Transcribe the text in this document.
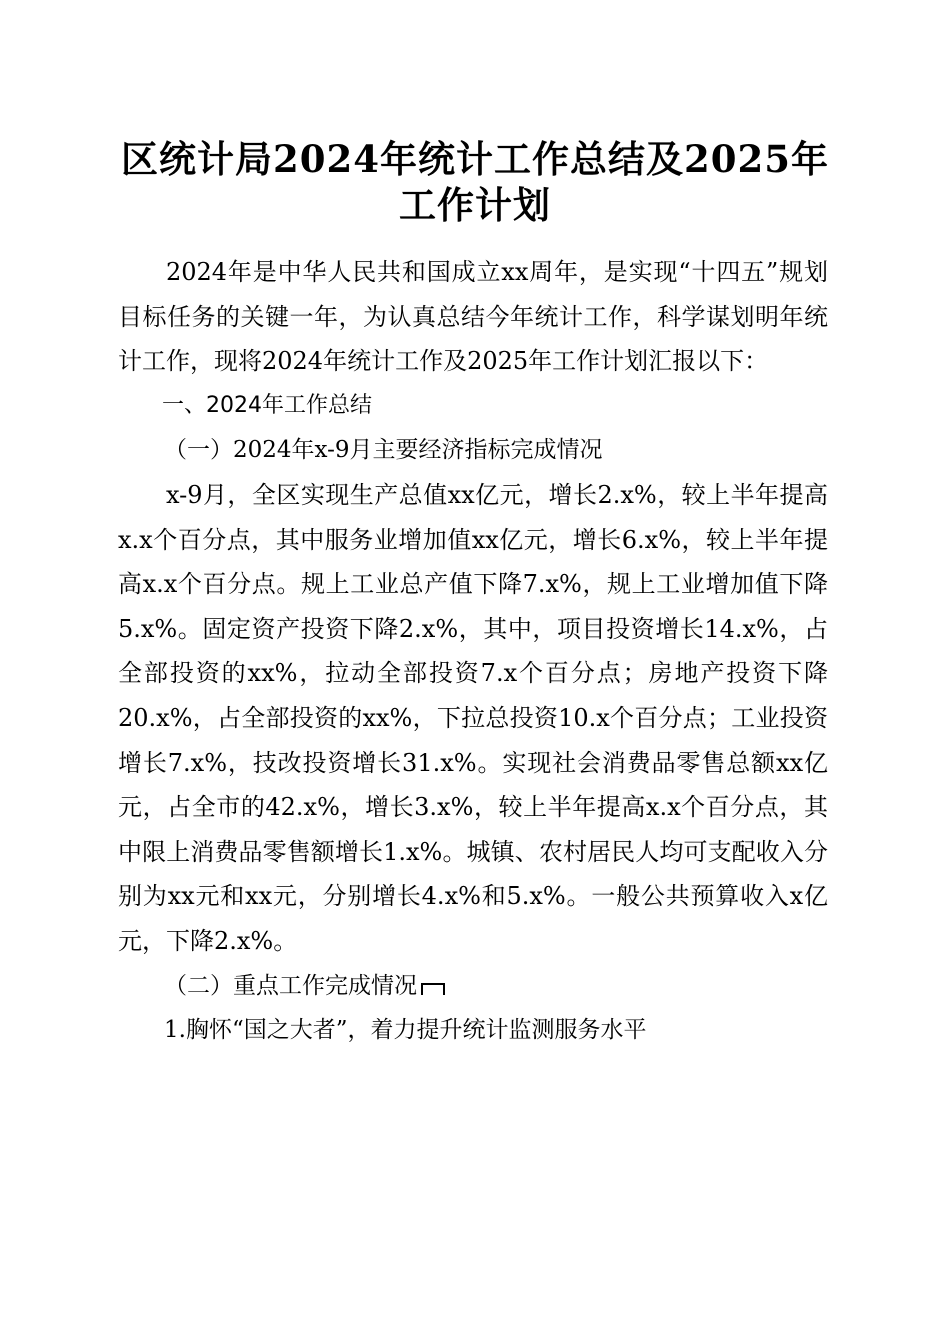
区统计局2024年统计工作总结及2025年工作计划

2024年是中华人民共和国成立xx周年，是实现“十四五”规划目标任务的关键一年，为认真总结今年统计工作，科学谋划明年统计工作，现将2024年统计工作及2025年工作计划汇报以下：

一、2024年工作总结

（一）2024年x-9月主要经济指标完成情况

x-9月，全区实现生产总值xx亿元，增长2.x%，较上半年提高x.x个百分点，其中服务业增加值xx亿元，增长6.x%，较上半年提高x.x个百分点。规上工业总产值下降7.x%，规上工业增加值下降5.x%。固定资产投资下降2.x%，其中，项目投资增长14.x%，占全部投资的xx%，拉动全部投资7.x个百分点；房地产投资下降20.x%，占全部投资的xx%，下拉总投资10.x个百分点；工业投资增长7.x%，技改投资增长31.x%。实现社会消费品零售总额xx亿元，占全市的42.x%，增长3.x%，较上半年提高x.x个百分点，其中限上消费品零售额增长1.x%。城镇、农村居民人均可支配收入分别为xx元和xx元，分别增长4.x%和5.x%。一般公共预算收入x亿元，下降2.x%。

（二）重点工作完成情况

1.胸怀“国之大者”，着力提升统计监测服务水平
